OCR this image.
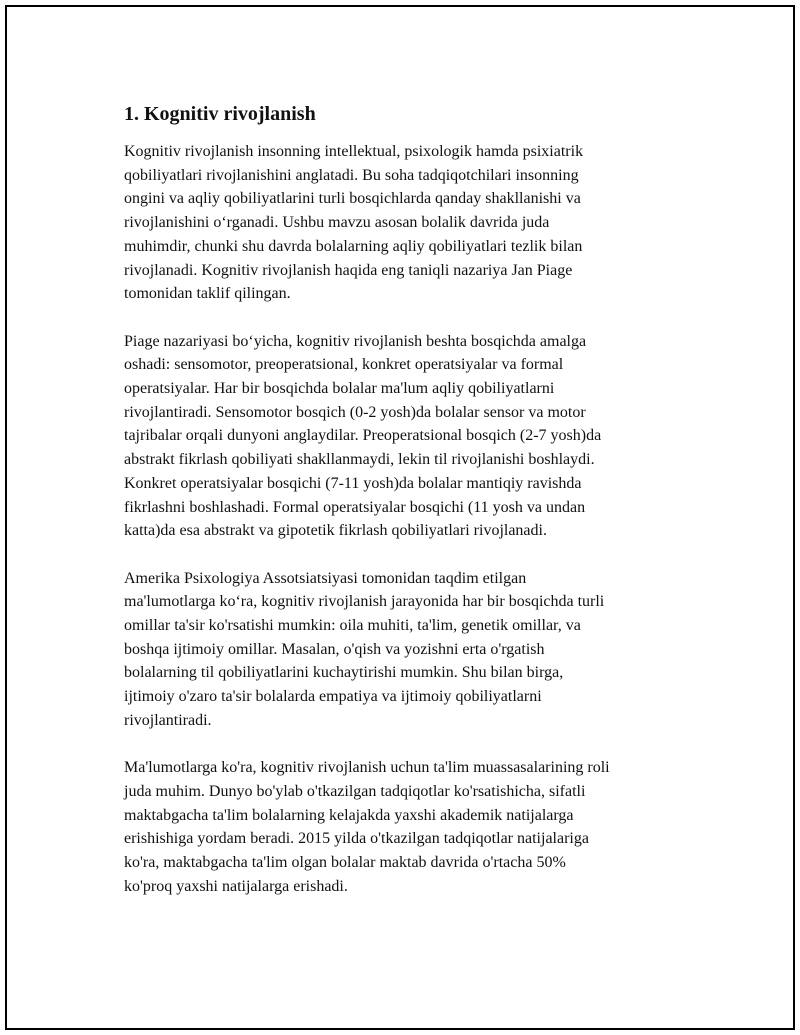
1. Kognitiv rivojlanish
Kognitiv rivojlanish insonning intellektual, psixologik hamda psixiatrik
qobiliyatlari rivojlanishini anglatadi. Bu soha tadqiqotchilari insonning
ongini va aqliy qobiliyatlarini turli bosqichlarda qanday shakllanishi va
rivojlanishini oʻrganadi. Ushbu mavzu asosan bolalik davrida juda
muhimdir, chunki shu davrda bolalarning aqliy qobiliyatlari tezlik bilan
rivojlanadi. Kognitiv rivojlanish haqida eng taniqli nazariya Jan Piage
tomonidan taklif qilingan.
Piage nazariyasi boʻyicha, kognitiv rivojlanish beshta bosqichda amalga
oshadi: sensomotor, preoperatsional, konkret operatsiyalar va formal
operatsiyalar. Har bir bosqichda bolalar ma'lum aqliy qobiliyatlarni
rivojlantiradi. Sensomotor bosqich (0-2 yosh)da bolalar sensor va motor
tajribalar orqali dunyoni anglaydilar. Preoperatsional bosqich (2-7 yosh)da
abstrakt fikrlash qobiliyati shakllanmaydi, lekin til rivojlanishi boshlaydi.
Konkret operatsiyalar bosqichi (7-11 yosh)da bolalar mantiqiy ravishda
fikrlashni boshlashadi. Formal operatsiyalar bosqichi (11 yosh va undan
katta)da esa abstrakt va gipotetik fikrlash qobiliyatlari rivojlanadi.
Amerika Psixologiya Assotsiatsiyasi tomonidan taqdim etilgan
ma'lumotlarga koʻra, kognitiv rivojlanish jarayonida har bir bosqichda turli
omillar ta'sir ko'rsatishi mumkin: oila muhiti, ta'lim, genetik omillar, va
boshqa ijtimoiy omillar. Masalan, o'qish va yozishni erta o'rgatish
bolalarning til qobiliyatlarini kuchaytirishi mumkin. Shu bilan birga,
ijtimoiy o'zaro ta'sir bolalarda empatiya va ijtimoiy qobiliyatlarni
rivojlantiradi.
Ma'lumotlarga ko'ra, kognitiv rivojlanish uchun ta'lim muassasalarining roli
juda muhim. Dunyo bo'ylab o'tkazilgan tadqiqotlar ko'rsatishicha, sifatli
maktabgacha ta'lim bolalarning kelajakda yaxshi akademik natijalarga
erishishiga yordam beradi. 2015 yilda o'tkazilgan tadqiqotlar natijalariga
ko'ra, maktabgacha ta'lim olgan bolalar maktab davrida o'rtacha 50%
ko'proq yaxshi natijalarga erishadi.
